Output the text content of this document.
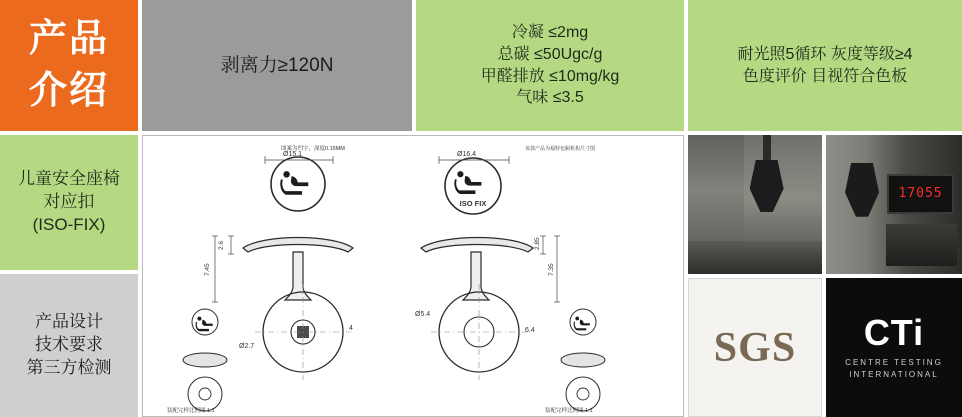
产品
介绍
剥离力≥120N
冷凝 ≤2mg
总碳 ≤50Ugc/g
甲醛排放 ≤10mg/kg
气味 ≤3.5
耐光照5循环 灰度等级≥4
色度评价 目视符合色板
儿童安全座椅
对应扣
(ISO-FIX)
产品设计
技术要求
第三方检测
图案为凹字，深度0.15MM
Ø15.1
2.6
7.45
Ø2.7
4
装配完样比例图 1:1
该款产品为福特包厢机构尺寸图
ISO FIX
Ø16.4
2.85
7.35
Ø5.4
6.4
装配完样比例图 1:1
17055
SGS	CTi
CENTRE TESTING
INTERNATIONAL
